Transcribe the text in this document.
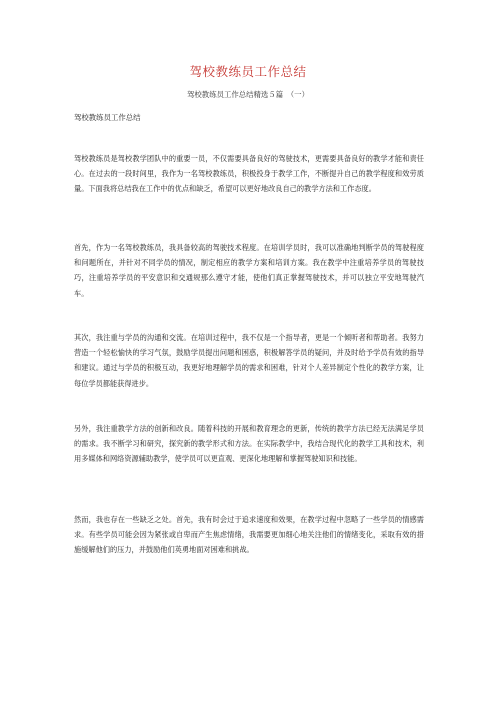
驾校教练员工作总结
驾校教练员工作总结精选５篇　（一）
驾校教练员工作总结

驾校教练员是驾校教学团队中的重要一员，不仅需要具备良好的驾驶技术，更需要具备良好的教学才能和责任心。在过去的一段时间里，我作为一名驾校教练员，积极投身于教学工作，不断提升自己的教学程度和效劳质量。下面我将总结我在工作中的优点和缺乏，希望可以更好地改良自己的教学方法和工作态度。

首先，作为一名驾校教练员，我具备较高的驾驶技术程度。在培训学员时，我可以准确地判断学员的驾驶程度和问题所在，并针对不同学员的情况，制定相应的教学方案和培训方案。我在教学中注重培养学员的驾驶技巧，注重培养学员的平安意识和交通规那么遵守才能，使他们真正掌握驾驶技术，并可以独立平安地驾驶汽车。

其次，我注重与学员的沟通和交流。在培训过程中，我不仅是一个指导者，更是一个倾听者和帮助者。我努力营造一个轻松愉快的学习气氛，鼓励学员提出问题和困惑，积极解答学员的疑问，并及时给予学员有效的指导和建议。通过与学员的积极互动，我更好地理解学员的需求和困难，针对个人差异制定个性化的教学方案，让每位学员都能获得进步。

另外，我注重教学方法的创新和改良。随着科技的开展和教育理念的更新，传统的教学方法已经无法满足学员的需求。我不断学习和研究，探究新的教学形式和方法。在实际教学中，我结合现代化的教学工具和技术，利用多媒体和网络资源辅助教学，使学员可以更直观、更深化地理解和掌握驾驶知识和技能。

然而，我也存在一些缺乏之处。首先，我有时会过于追求速度和效果，在教学过程中忽略了一些学员的情感需求。有些学员可能会因为紧张或自卑而产生焦虑情绪，我需要更加细心地关注他们的情绪变化，采取有效的措施缓解他们的压力，并鼓励他们英勇地面对困难和挑战。
